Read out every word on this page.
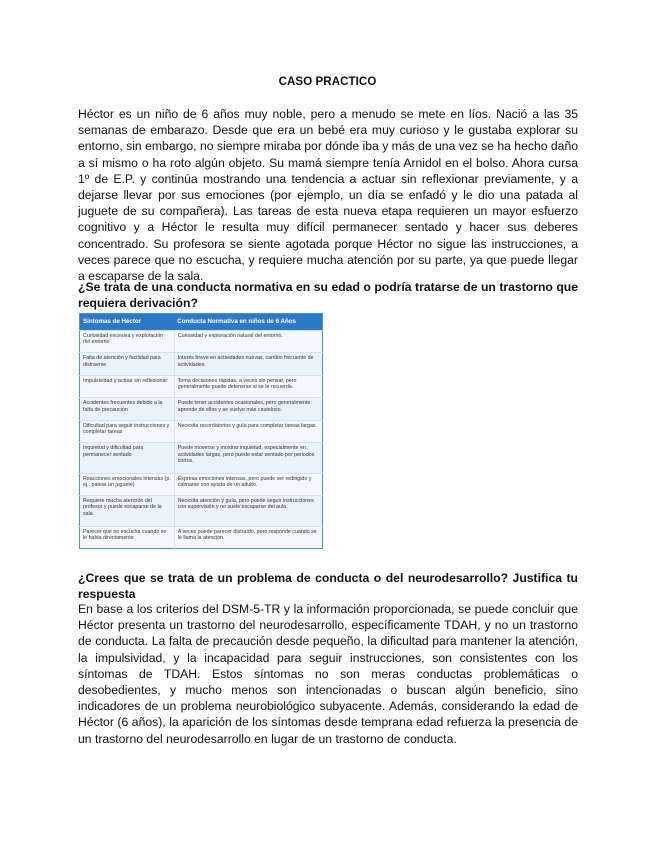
CASO PRACTICO

Héctor es un niño de 6 años muy noble, pero a menudo se mete en líos. Nació a las 35 semanas de embarazo. Desde que era un bebé era muy curioso y le gustaba explorar su entorno, sin embargo, no siempre miraba por dónde iba y más de una vez se ha hecho daño a sí mismo o ha roto algún objeto. Su mamá siempre tenía Arnidol en el bolso. Ahora cursa 1º de E.P. y continúa mostrando una tendencia a actuar sin reflexionar previamente, y a dejarse llevar por sus emociones (por ejemplo, un día se enfadó y le dio una patada al juguete de su compañera). Las tareas de esta nueva etapa requieren un mayor esfuerzo cognitivo y a Héctor le resulta muy difícil permanecer sentado y hacer sus deberes concentrado. Su profesora se siente agotada porque Héctor no sigue las instrucciones, a veces parece que no escucha, y requiere mucha atención por su parte, ya que puede llegar a escaparse de la sala.

¿Se trata de una conducta normativa en su edad o podría tratarse de un trastorno que requiera derivación?

Síntomas de Héctor	Conducta Normativa en niños de 6 Años
Curiosidad excesiva y exploración del entorno	Curiosidad y exploración natural del entorno.
Falta de atención y facilidad para distraerse	Interés breve en actividades nuevas, cambio frecuente de actividades.
Impulsividad y actuar sin reflexionar	Toma decisiones rápidas, a veces sin pensar, pero generalmente puede detenerse si se le recuerda.
Accidentes frecuentes debido a la falta de precaución	Puede tener accidentes ocasionales, pero generalmente aprende de ellos y se vuelve más cauteloso.
Dificultad para seguir instrucciones y completar tareas	Necesita recordatorios y guía para completar tareas largas.
Inquietud y dificultad para permanecer sentado	Puede moverse y mostrar inquietud, especialmente en actividades largas, pero puede estar sentado por periodos cortos.
Reacciones emocionales intensas (p. ej., patear un juguete)	Expresa emociones intensas, pero puede ser redirigido y calmarse con ayuda de un adulto.
Requiere mucha atención del profesor y puede escaparse de la sala	Necesita atención y guía, pero puede seguir instrucciones con supervisión y no suele escaparse del aula.
Parecer que no escucha cuando se le habla directamente	A veces puede parecer distraído, pero responde cuando se le llama la atención.

¿Crees que se trata de un problema de conducta o del neurodesarrollo? Justifica tu respuesta

En base a los criterios del DSM-5-TR y la información proporcionada, se puede concluir que Héctor presenta un trastorno del neurodesarrollo, específicamente TDAH, y no un trastorno de conducta. La falta de precaución desde pequeño, la dificultad para mantener la atención, la impulsividad, y la incapacidad para seguir instrucciones, son consistentes con los síntomas de TDAH. Estos síntomas no son meras conductas problemáticas o desobedientes, y mucho menos son intencionadas o buscan algún beneficio, sino indicadores de un problema neurobiológico subyacente. Además, considerando la edad de Héctor (6 años), la aparición de los síntomas desde temprana edad refuerza la presencia de un trastorno del neurodesarrollo en lugar de un trastorno de conducta.
